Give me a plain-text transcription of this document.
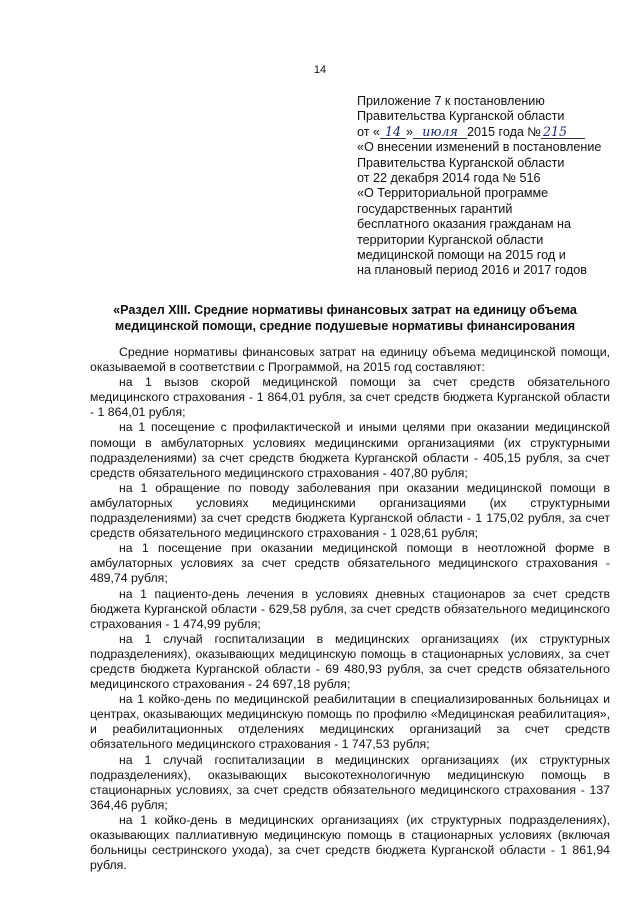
14
Приложение 7 к постановлению
Правительства Курганской области
от « 14 » июля 2015 года № 215
«О внесении изменений в постановление
Правительства Курганской области
от 22 декабря 2014 года № 516
«О Территориальной программе
государственных гарантий
бесплатного оказания гражданам на
территории Курганской области
медицинской помощи на 2015 год и
на плановый период 2016 и 2017 годов
«Раздел XIII. Средние нормативы финансовых затрат на единицу объема
медицинской помощи, средние подушевые нормативы финансирования

Средние нормативы финансовых затрат на единицу объема медицинской помощи, оказываемой в соответствии с Программой, на 2015 год составляют:

на 1 вызов скорой медицинской помощи за счет средств обязательного медицинского страхования - 1 864,01 рубля, за счет средств бюджета Курганской области - 1 864,01 рубля;

на 1 посещение с профилактической и иными целями при оказании медицинской помощи в амбулаторных условиях медицинскими организациями (их структурными подразделениями) за счет средств бюджета Курганской области - 405,15 рубля, за счет средств обязательного медицинского страхования - 407,80 рубля;

на 1 обращение по поводу заболевания при оказании медицинской помощи в амбулаторных условиях медицинскими организациями (их структурными подразделениями) за счет средств бюджета Курганской области - 1 175,02 рубля, за счет средств обязательного медицинского страхования - 1 028,61 рубля;

на 1 посещение при оказании медицинской помощи в неотложной форме в амбулаторных условиях за счет средств обязательного медицинского страхования - 489,74 рубля;

на 1 пациенто-день лечения в условиях дневных стационаров за счет средств бюджета Курганской области - 629,58 рубля, за счет средств обязательного медицинского страхования - 1 474,99 рубля;

на 1 случай госпитализации в медицинских организациях (их структурных подразделениях), оказывающих медицинскую помощь в стационарных условиях, за счет средств бюджета Курганской области - 69 480,93 рубля, за счет средств обязательного медицинского страхования - 24 697,18 рубля;

на 1 койко-день по медицинской реабилитации в специализированных больницах и центрах, оказывающих медицинскую помощь по профилю «Медицинская реабилитация», и реабилитационных отделениях медицинских организаций за счет средств обязательного медицинского страхования - 1 747,53 рубля;

на 1 случай госпитализации в медицинских организациях (их структурных подразделениях), оказывающих высокотехнологичную медицинскую помощь в стационарных условиях, за счет средств обязательного медицинского страхования - 137 364,46 рубля;

на 1 койко-день в медицинских организациях (их структурных подразделениях), оказывающих паллиативную медицинскую помощь в стационарных условиях (включая больницы сестринского ухода), за счет средств бюджета Курганской области - 1 861,94 рубля.
